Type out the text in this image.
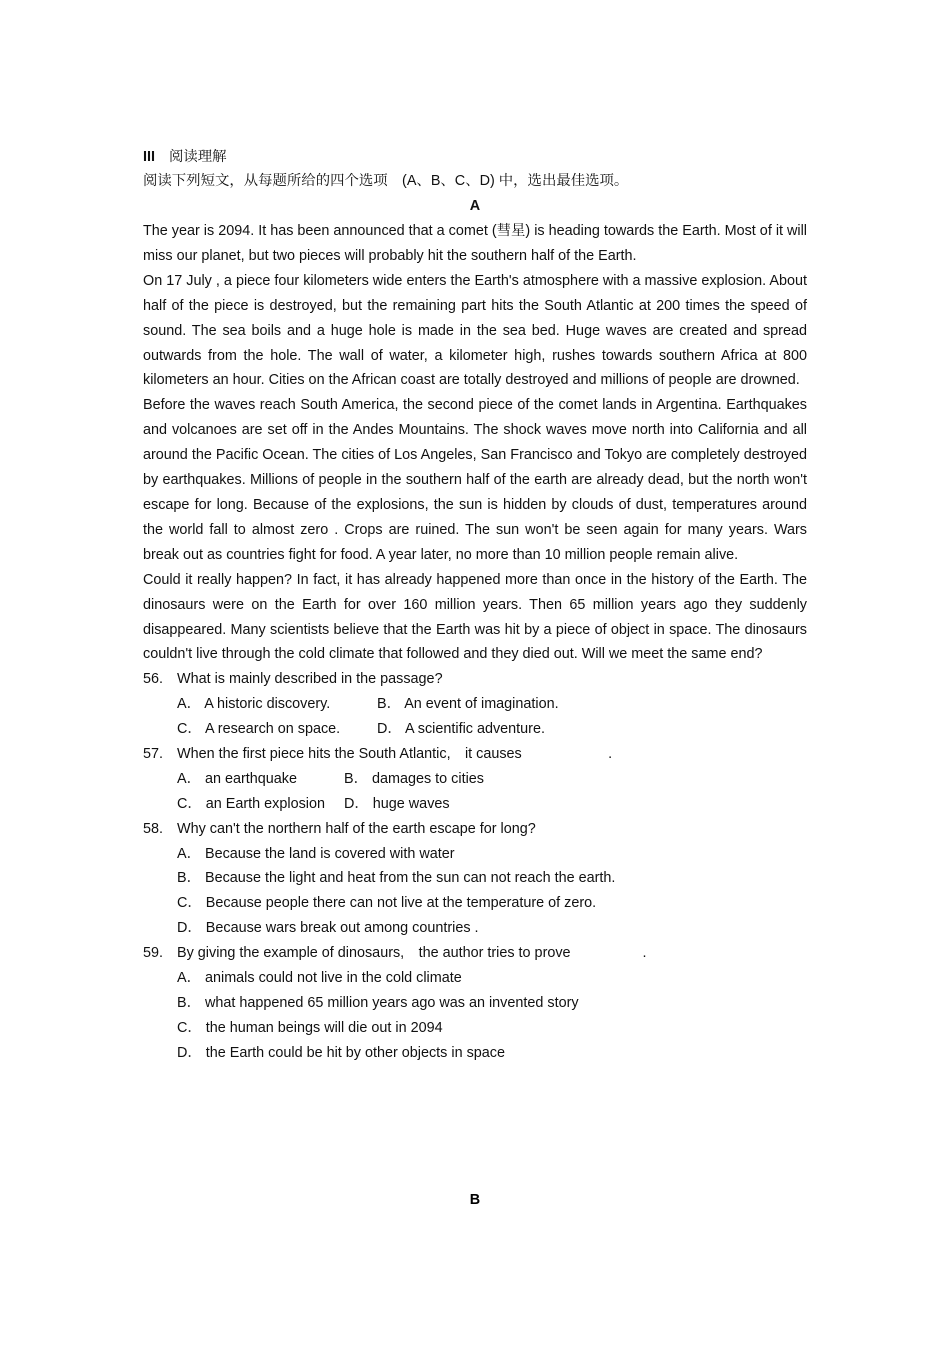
III 阅读理解
阅读下列短文，从每题所给的四个选项　(A、B、C、D) 中，选出最佳选项。
A

The year is 2094. It has been announced that a comet (彗星) is heading towards the Earth. Most of it will miss our planet, but two pieces will probably hit the southern half of the Earth.

On 17 July , a piece four kilometers wide enters the Earth's atmosphere with a massive explosion. About half of the piece is destroyed, but the remaining part hits the South Atlantic at 200 times the speed of sound. The sea boils and a huge hole is made in the sea bed. Huge waves are created and spread outwards from the hole. The wall of water, a kilometer high, rushes towards southern Africa at 800 kilometers an hour. Cities on the African coast are totally destroyed and millions of people are drowned.

Before the waves reach South America, the second piece of the comet lands in Argentina. Earthquakes and volcanoes are set off in the Andes Mountains. The shock waves move north into California and all around the Pacific Ocean. The cities of Los Angeles, San Francisco and Tokyo are completely destroyed by earthquakes. Millions of people in the southern half of the earth are already dead, but the north won't escape for long. Because of the explosions, the sun is hidden by clouds of dust, temperatures around the world fall to almost zero . Crops are ruined. The sun won't be seen again for many years. Wars break out as countries fight for food. A year later, no more than 10 million people remain alive.

Could it really happen? In fact, it has already happened more than once in the history of the Earth. The dinosaurs were on the Earth for over 160 million years. Then 65 million years ago they suddenly disappeared. Many scientists believe that the Earth was hit by a piece of object in space. The dinosaurs couldn't live through the cold climate that followed and they died out. Will we meet the same end?

56. What is mainly described in the passage?
A． A historic discovery.	B． An event of imagination.
C． A research on space.	D． A scientific adventure.
57. When the first piece hits the South Atlantic,　it causes　　　　　　.
A． an earthquake	B． damages to cities
C． an Earth explosion D． huge waves
58. Why can't the northern half of the earth escape for long?
A． Because the land is covered with water
B． Because the light and heat from the sun can not reach the earth.
C． Because people there can not live at the temperature of zero.
D． Because wars break out among countries .
59. By giving the example of dinosaurs,　the author tries to prove　　　　　.
A． animals could not live in the cold climate
B． what happened 65 million years ago was an invented story
C． the human beings will die out in 2094
D． the Earth could be hit by other objects in space
B
